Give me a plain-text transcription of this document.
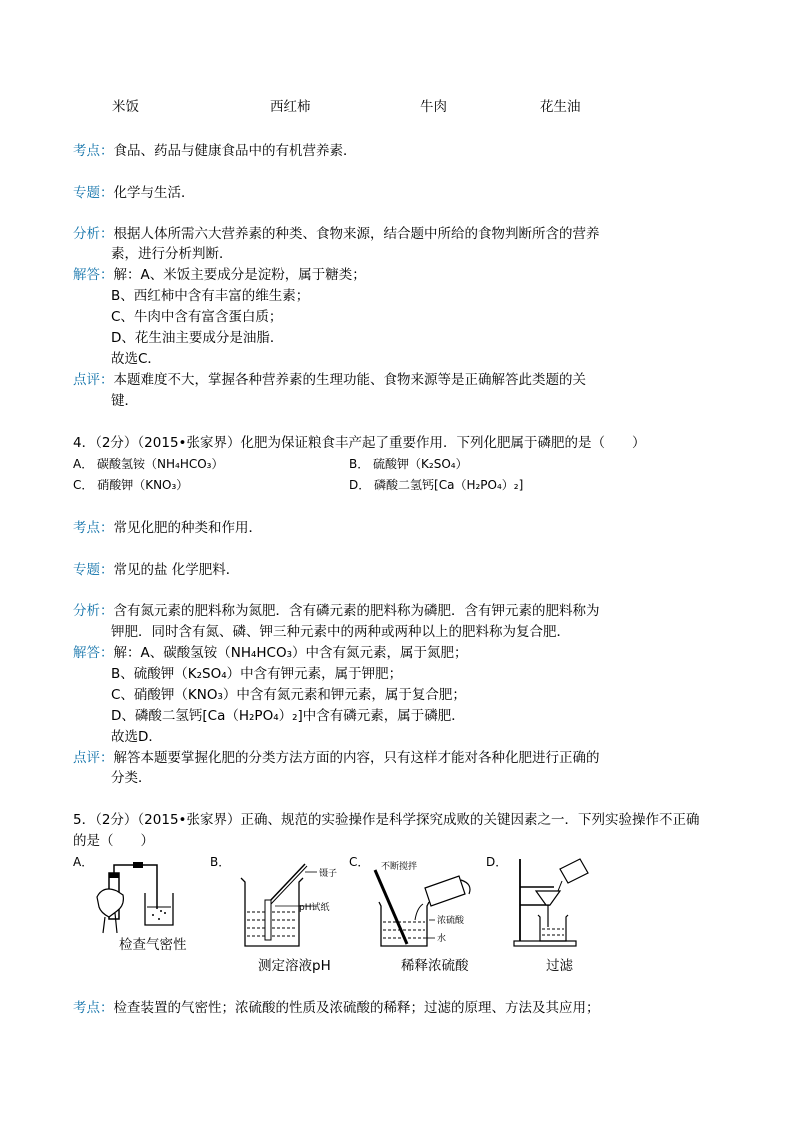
米饭	西红柿	牛肉	花生油
考点：食品、药品与健康食品中的有机营养素．
专题：化学与生活．
分析：根据人体所需六大营养素的种类、食物来源，结合题中所给的食物判断所含的营养
素，进行分析判断．
解答：解：A、米饭主要成分是淀粉，属于糖类；
B、西红柿中含有丰富的维生素；
C、牛肉中含有富含蛋白质；
D、花生油主要成分是油脂．
故选C．
点评：本题难度不大，掌握各种营养素的生理功能、食物来源等是正确解答此类题的关
键．
4．（2分）（2015•张家界）化肥为保证粮食丰产起了重要作用．下列化肥属于磷肥的是（　　）
A． 碳酸氢铵（NH₄HCO₃）	B． 硫酸钾（K₂SO₄）
C． 硝酸钾（KNO₃）	D． 磷酸二氢钙[Ca（H₂PO₄）₂]
考点：常见化肥的种类和作用．
专题：常见的盐 化学肥料．
分析：含有氮元素的肥料称为氮肥．含有磷元素的肥料称为磷肥．含有钾元素的肥料称为
钾肥．同时含有氮、磷、钾三种元素中的两种或两种以上的肥料称为复合肥．
解答：解：A、碳酸氢铵（NH₄HCO₃）中含有氮元素，属于氮肥；
B、硫酸钾（K₂SO₄）中含有钾元素，属于钾肥；
C、硝酸钾（KNO₃）中含有氮元素和钾元素，属于复合肥；
D、磷酸二氢钙[Ca（H₂PO₄）₂]中含有磷元素，属于磷肥．
故选D．
点评：解答本题要掌握化肥的分类方法方面的内容，只有这样才能对各种化肥进行正确的
分类．
5．（2分）（2015•张家界）正确、规范的实验操作是科学探究成败的关键因素之一．下列实验操作不正确
的是（　　）
A．	B．	C．	D．
镊子
pH试纸
不断搅拌
浓硫酸
水
检查气密性
测定溶液pH	稀释浓硫酸	过滤
考点：检查装置的气密性；浓硫酸的性质及浓硫酸的稀释；过滤的原理、方法及其应用；
